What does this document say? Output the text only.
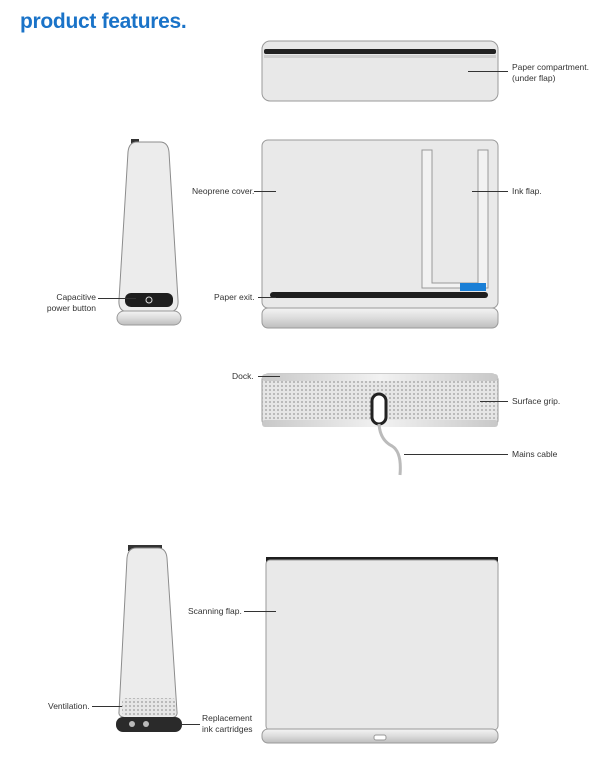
product features.
Paper compartment.
(under flap)
Neoprene cover.	Ink flap.
Capacitive
power button
Paper exit.
Dock.
Surface grip.
Mains cable
Scanning flap.
Ventilation.
Replacement
ink cartridges
